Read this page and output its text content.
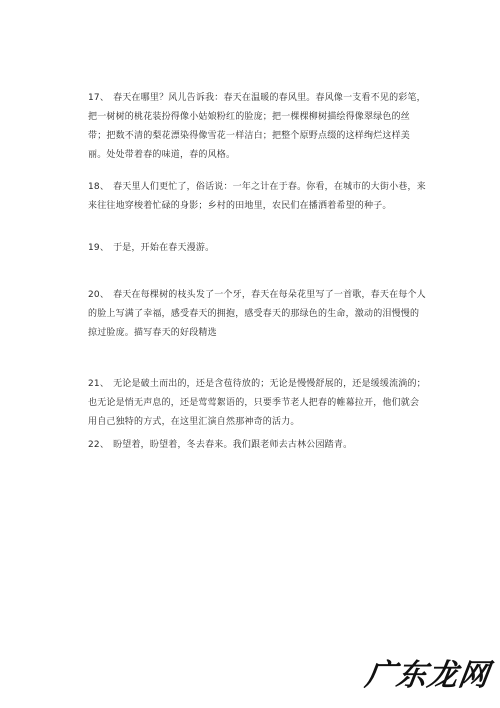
17、 春天在哪里？风儿告诉我：春天在温暖的春风里。春风像一支看不见的彩笔，把一树树的桃花装扮得像小姑娘粉红的脸庞；把一棵棵柳树描绘得像翠绿色的丝带；把数不清的梨花漂染得像雪花一样洁白；把整个原野点缀的这样绚烂这样美丽。处处带着春的味道，春的风格。

18、 春天里人们更忙了，俗话说：一年之计在于春。你看，在城市的大街小巷，来来往往地穿梭着忙碌的身影；乡村的田地里，农民们在播洒着希望的种子。

19、 于是，开始在春天漫游。

20、 春天在每棵树的枝头发了一个牙，春天在每朵花里写了一首歌，春天在每个人的脸上写满了幸福，感受春天的拥抱，感受春天的那绿色的生命，激动的泪慢慢的掠过脸庞。描写春天的好段精选

21、 无论是破土而出的，还是含苞待放的；无论是慢慢舒展的，还是缓缓流淌的；也无论是悄无声息的，还是莺莺絮语的，只要季节老人把春的帷幕拉开，他们就会用自己独特的方式，在这里汇演自然那神奇的活力。

22、 盼望着，盼望着，冬去春来。我们跟老师去古林公园踏青。

广东龙网
